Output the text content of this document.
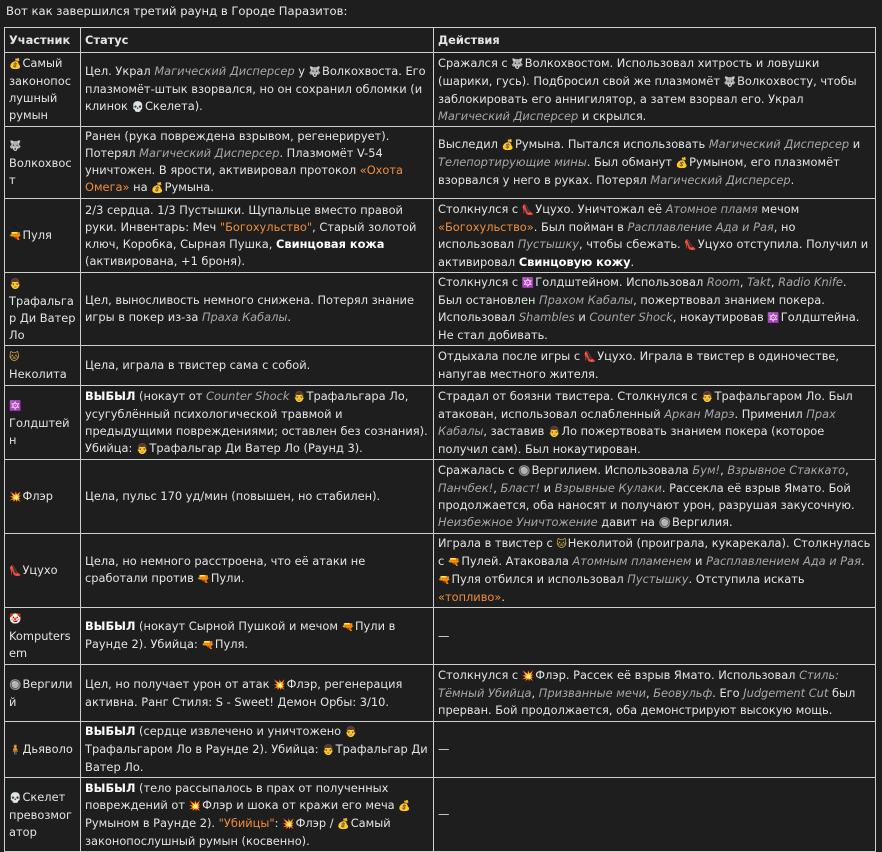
Вот как завершился третий раунд в Городе Паразитов:
Участник	Статус	Действия
💰Самый законопослушный румын	Цел. Украл Магический Дисперсер у 🐺Волкохвоста. Его плазмомёт-штык взорвался, но он сохранил обломки (и клинок 💀Скелета).	Сражался с 🐺Волкохвостом. Использовал хитрость и ловушки (шарики, гусь). Подбросил свой же плазмомёт 🐺Волкохвосту, чтобы заблокировать его аннигилятор, а затем взорвал его. Украл Магический Дисперсер и скрылся.
🐺
Волкохвост	Ранен (рука повреждена взрывом, регенерирует). Потерял Магический Дисперсер. Плазмомёт V-54 уничтожен. В ярости, активировал протокол «Охота Омега» на 💰Румына.	Выследил 💰Румына. Пытался использовать Магический Дисперсер и Телепортирующие мины. Был обманут 💰Румыном, его плазмомёт взорвался у него в руках. Потерял Магический Дисперсер.
🔫Пуля	2/3 сердца. 1/3 Пустышки. Щупальце вместо правой руки. Инвентарь: Меч "Богохульство", Старый золотой ключ, Коробка, Сырная Пушка, Свинцовая кожа (активирована, +1 броня).	Столкнулся с 👠Уцухо. Уничтожал её Атомное пламя мечом «Богохульство». Был пойман в Расплавление Ада и Рая, но использовал Пустышку, чтобы сбежать. 👠Уцухо отступила. Получил и активировал Свинцовую кожу.
👨Трафальгар Ди Ватер Ло	Цел, выносливость немного снижена. Потерял знание игры в покер из-за Праха Кабалы.	Столкнулся с 🔯Голдштейном. Использовал Room, Takt, Radio Knife. Был остановлен Прахом Кабалы, пожертвовал знанием покера. Использовал Shambles и Counter Shock, нокаутировав 🔯Голдштейна. Не стал добивать.
🐱Неколита	Цела, играла в твистер сама с собой.	Отдыхала после игры с 👠Уцухо. Играла в твистер в одиночестве, напугав местного жителя.
🔯Голдштейн	ВЫБЫЛ (нокаут от Counter Shock 👨Трафальгара Ло, усугублённый психологической травмой и предыдущими повреждениями; оставлен без сознания). Убийца: 👨Трафальгар Ди Ватер Ло (Раунд 3).	Страдал от боязни твистера. Столкнулся с 👨Трафальгаром Ло. Был атакован, использовал ослабленный Аркан Марэ. Применил Прах Кабалы, заставив 👨Ло пожертвовать знанием покера (которое получил сам). Был нокаутирован.
💥Флэр	Цела, пульс 170 уд/мин (повышен, но стабилен).	Сражалась с 🔘Вергилием. Использовала Бум!, Взрывное Стаккато, Панчбек!, Бласт! и Взрывные Кулаки. Рассекла её взрыв Ямато. Бой продолжается, оба наносят и получают урон, разрушая закусочную. Неизбежное Уничтожение давит на 🔘Вергилия.
👠Уцухо	Цела, но немного расстроена, что её атаки не сработали против 🔫Пули.	Играла в твистер с 🐱Неколитой (проиграла, кукарекала). Столкнулась с 🔫Пулей. Атаковала Атомным пламенем и Расплавлением Ада и Рая. 🔫Пуля отбился и использовал Пустышку. Отступила искать «топливо».
🤡
Komputersem	ВЫБЫЛ (нокаут Сырной Пушкой и мечом 🔫Пули в Раунде 2). Убийца: 🔫Пуля.	—
🔘Вергилий	Цел, но получает урон от атак 💥Флэр, регенерация активна. Ранг Стиля: S - Sweet! Демон Орбы: 3/10.	Столкнулся с 💥Флэр. Рассек её взрыв Ямато. Использовал Стиль: Тёмный Убийца, Призванные мечи, Беовульф. Его Judgement Cut был прерван. Бой продолжается, оба демонстрируют высокую мощь.
🧍Дьяволо	ВЫБЫЛ (сердце извлечено и уничтожено 👨Трафальгаром Ло в Раунде 2). Убийца: 👨Трафальгар Ди Ватер Ло.	—
💀Скелет превозмогатор	ВЫБЫЛ (тело рассыпалось в прах от полученных повреждений от 💥Флэр и шока от кражи его меча 💰Румыном в Раунде 2). "Убийцы": 💥Флэр / 💰Самый законопослушный румын (косвенно).	—
